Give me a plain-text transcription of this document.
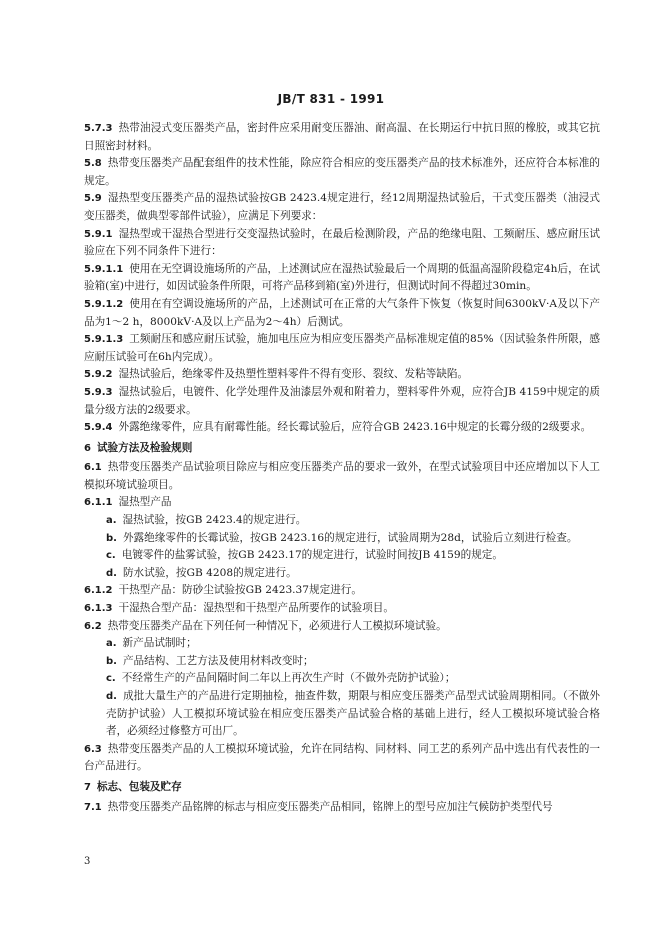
JB/T 831 - 1991

5.7.3 热带油浸式变压器类产品，密封件应采用耐变压器油、耐高温、在长期运行中抗日照的橡胶，或其它抗日照密封材料。

5.8 热带变压器类产品配套组件的技术性能，除应符合相应的变压器类产品的技术标准外，还应符合本标准的规定。

5.9 湿热型变压器类产品的湿热试验按GB 2423.4规定进行，经12周期湿热试验后，干式变压器类（油浸式变压器类，做典型零部件试验），应满足下列要求：

5.9.1 湿热型或干湿热合型进行交变湿热试验时，在最后检测阶段，产品的绝缘电阻、工频耐压、感应耐压试验应在下列不同条件下进行：

5.9.1.1 使用在无空调设施场所的产品，上述测试应在湿热试验最后一个周期的低温高湿阶段稳定4h后，在试验箱(室)中进行，如因试验条件所限，可将产品移到箱(室)外进行，但测试时间不得超过30min。

5.9.1.2 使用在有空调设施场所的产品，上述测试可在正常的大气条件下恢复（恢复时间6300kV·A及以下产品为1～2 h，8000kV·A及以上产品为2～4h）后测试。

5.9.1.3 工频耐压和感应耐压试验，施加电压应为相应变压器类产品标准规定值的85%（因试验条件所限，感应耐压试验可在6h内完成）。

5.9.2 湿热试验后，绝缘零件及热塑性塑料零件不得有变形、裂纹、发粘等缺陷。

5.9.3 湿热试验后，电镀件、化学处理件及油漆层外观和附着力，塑料零件外观，应符合JB 4159中规定的质量分级方法的2级要求。

5.9.4 外露绝缘零件，应具有耐霉性能。经长霉试验后，应符合GB 2423.16中规定的长霉分级的2级要求。

6 试验方法及检验规则

6.1 热带变压器类产品试验项目除应与相应变压器类产品的要求一致外，在型式试验项目中还应增加以下人工模拟环境试验项目。

6.1.1 湿热型产品

a. 湿热试验，按GB 2423.4的规定进行。

b. 外露绝缘零件的长霉试验，按GB 2423.16的规定进行，试验周期为28d，试验后立刻进行检查。

c. 电镀零件的盐雾试验，按GB 2423.17的规定进行，试验时间按JB 4159的规定。

d. 防水试验，按GB 4208的规定进行。

6.1.2 干热型产品：防砂尘试验按GB 2423.37规定进行。

6.1.3 干湿热合型产品：湿热型和干热型产品所要作的试验项目。

6.2 热带变压器类产品在下列任何一种情况下，必须进行人工模拟环境试验。

a. 新产品试制时；

b. 产品结构、工艺方法及使用材料改变时；

c. 不经常生产的产品间隔时间二年以上再次生产时（不做外壳防护试验）；

d. 成批大量生产的产品进行定期抽检，抽查件数，期限与相应变压器类产品型式试验周期相同。（不做外壳防护试验）人工模拟环境试验在相应变压器类产品试验合格的基础上进行，经人工模拟环境试验合格者，必须经过修整方可出厂。

6.3 热带变压器类产品的人工模拟环境试验，允许在同结构、同材料、同工艺的系列产品中选出有代表性的一台产品进行。

7 标志、包装及贮存

7.1 热带变压器类产品铭牌的标志与相应变压器类产品相同，铭牌上的型号应加注气候防护类型代号

3
